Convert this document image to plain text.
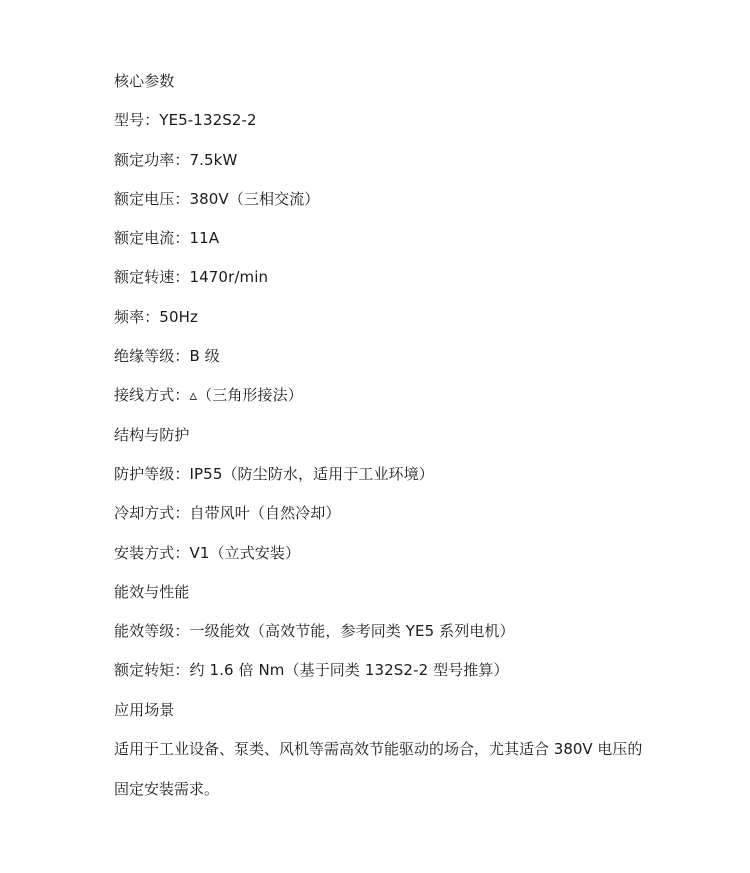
核心参数
型号：YE5-132S2-2
额定功率：7.5kW
额定电压：380V（三相交流）
额定电流：11A
额定转速：1470r/min
频率：50Hz
绝缘等级：B 级
接线方式：▵（三角形接法）
结构与防护
防护等级：IP55（防尘防水，适用于工业环境）
冷却方式：自带风叶（自然冷却）
安装方式：V1（立式安装）
能效与性能
能效等级：一级能效（高效节能，参考同类 YE5 系列电机）
额定转矩：约 1.6 倍 Nm（基于同类 132S2-2 型号推算）
应用场景
适用于工业设备、泵类、风机等需高效节能驱动的场合，尤其适合 380V 电压的固定安装需求。
